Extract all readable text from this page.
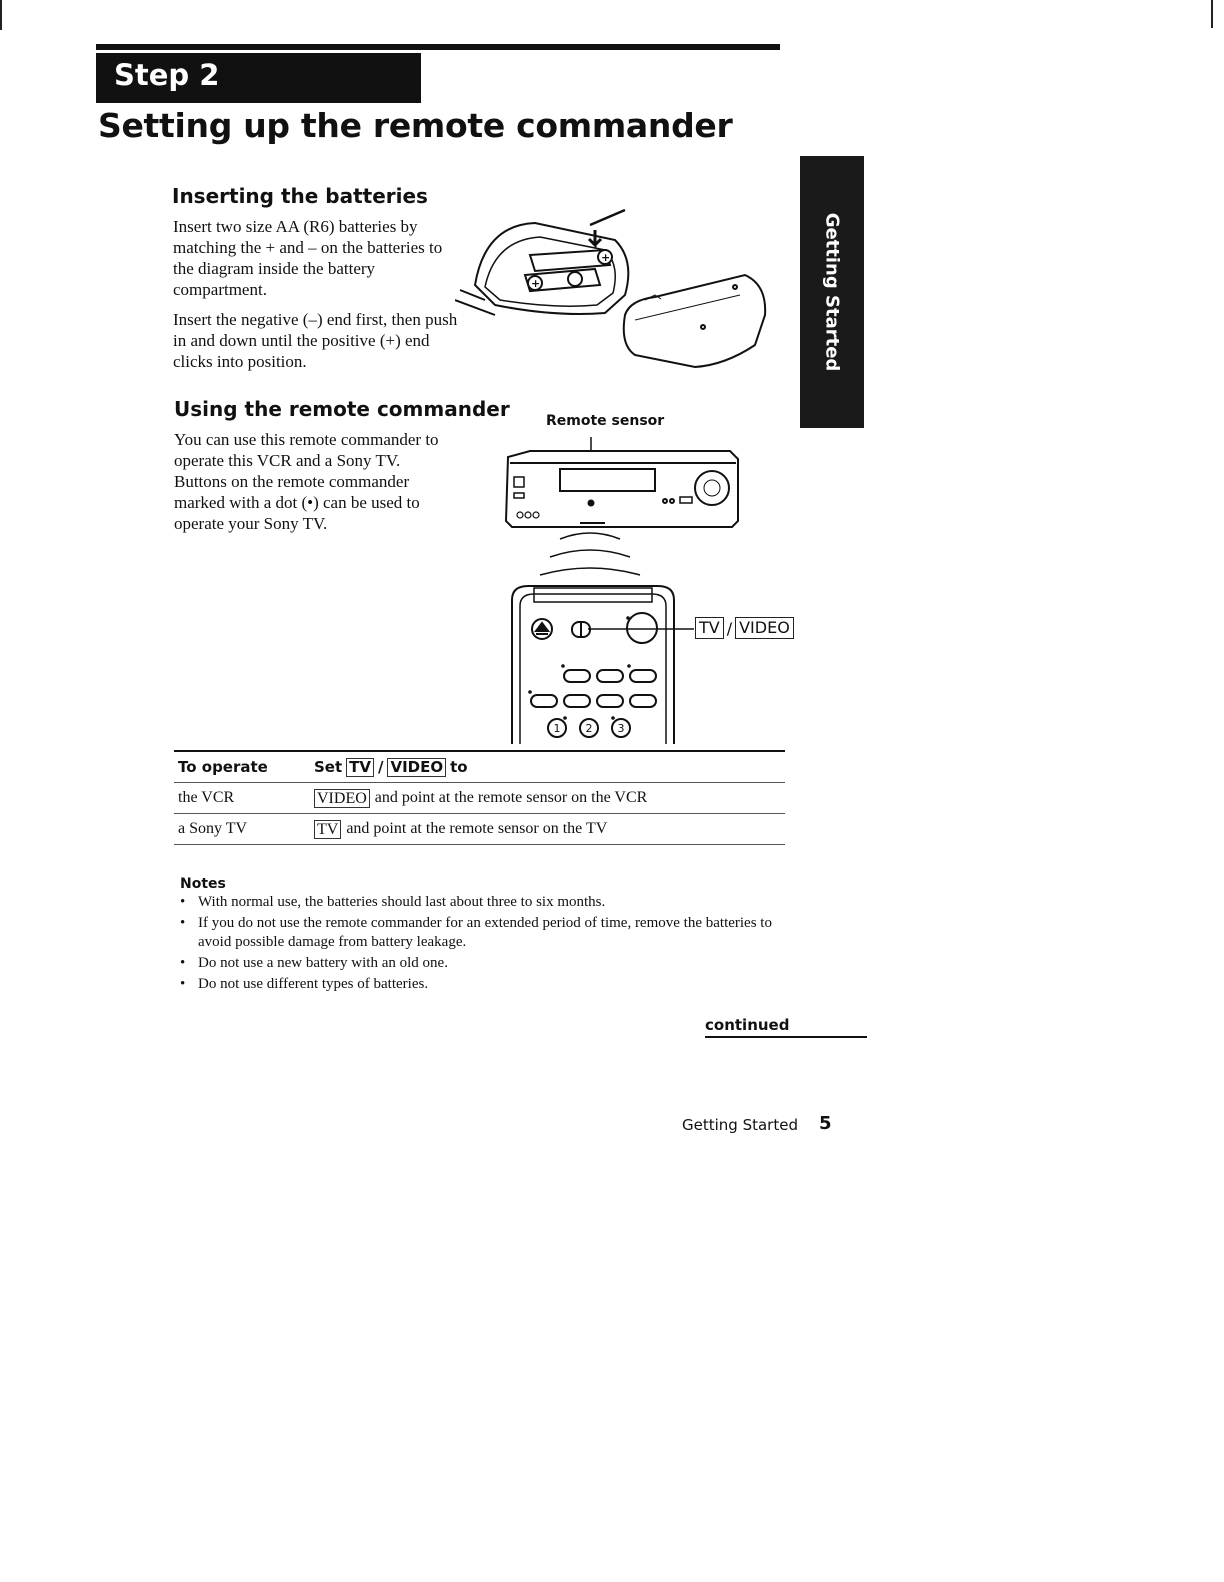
Step 2
Setting up the remote commander
Getting Started
Inserting the batteries
Insert two size AA (R6) batteries by matching the + and – on the batteries to the diagram inside the battery compartment.
Insert the negative (–) end first, then push in and down until the positive (+) end clicks into position.
+
+
Using the remote commander
You can use this remote commander to operate this VCR and a Sony TV. Buttons on the remote commander marked with a dot (•) can be used to operate your Sony TV.
Remote sensor
1 2 3
TV / VIDEO
To operate	Set TV / VIDEO to
the VCR	VIDEO and point at the remote sensor on the VCR
a Sony TV	TV and point at the remote sensor on the TV
Notes
• With normal use, the batteries should last about three to six months.
• If you do not use the remote commander for an extended period of time, remove the batteries to avoid possible damage from battery leakage.
• Do not use a new battery with an old one.
• Do not use different types of batteries.
continued
Getting Started 5
